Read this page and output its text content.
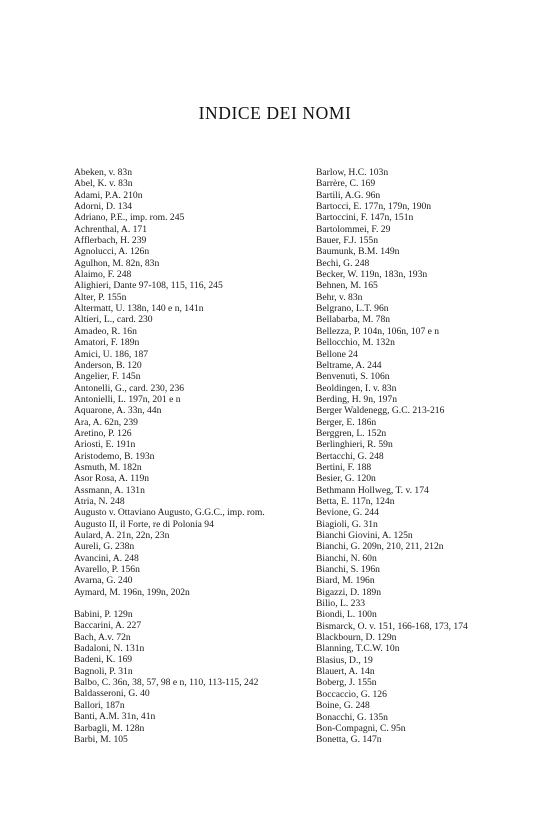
INDICE DEI NOMI
Abeken, v. 83n
Abel, K. v. 83n
Adami, P.A. 210n
Adorni, D. 134
Adriano, P.E., imp. rom. 245
Achrenthal, A. 171
Afflerbach, H. 239
Agnolucci, A. 126n
Agulhon, M. 82n, 83n
Alaimo, F. 248
Alighieri, Dante 97-108, 115, 116, 245
Alter, P. 155n
Altermatt, U. 138n, 140 e n, 141n
Altieri, L., card. 230
Amadeo, R. 16n
Amatori, F. 189n
Amici, U. 186, 187
Anderson, B. 120
Angelier, F. 145n
Antonelli, G., card. 230, 236
Antonielli, L. 197n, 201 e n
Aquarone, A. 33n, 44n
Ara, A. 62n, 239
Aretino, P. 126
Ariosti, E. 191n
Aristodemo, B. 193n
Asmuth, M. 182n
Asor Rosa, A. 119n
Assmann, A. 131n
Atria, N. 248
Augusto v. Ottaviano Augusto, G.G.C., imp. rom.
Augusto II, il Forte, re di Polonia 94
Aulard, A. 21n, 22n, 23n
Aureli, G. 238n
Avancini, A. 248
Avarello, P. 156n
Avarna, G. 240
Aymard, M. 196n, 199n, 202n
Babini, P. 129n
Baccarini, A. 227
Bach, A.v. 72n
Badaloni, N. 131n
Badeni, K. 169
Bagnoli, P. 31n
Balbo, C. 36n, 38, 57, 98 e n, 110, 113-115, 242
Baldasseroni, G. 40
Ballori, 187n
Banti, A.M. 31n, 41n
Barbagli, M. 128n
Barbi, M. 105
Barlow, H.C. 103n
Barrère, C. 169
Bartili, A.G. 96n
Bartocci, E. 177n, 179n, 190n
Bartoccini, F. 147n, 151n
Bartolommei, F. 29
Bauer, F.J. 155n
Baumunk, B.M. 149n
Bechi, G. 248
Becker, W. 119n, 183n, 193n
Behnen, M. 165
Behr, v. 83n
Belgrano, L.T. 96n
Bellabarba, M. 78n
Bellezza, P. 104n, 106n, 107 e n
Bellocchio, M. 132n
Bellone 24
Beltrame, A. 244
Benvenuti, S. 106n
Beoldingen, I. v. 83n
Berding, H. 9n, 197n
Berger Waldenegg, G.C. 213-216
Berger, E. 186n
Berggren, L. 152n
Berlinghieri, R. 59n
Bertacchi, G. 248
Bertini, F. 188
Besier, G. 120n
Bethmann Hollweg, T. v. 174
Betta, E. 117n, 124n
Bevione, G. 244
Biagioli, G. 31n
Bianchi Giovini, A. 125n
Bianchi, G. 209n, 210, 211, 212n
Bianchi, N. 60n
Bianchi, S. 196n
Biard, M. 196n
Bigazzi, D. 189n
Bilio, L. 233
Biondi, L. 100n
Bismarck, O. v. 151, 166-168, 173, 174
Blackbourn, D. 129n
Blanning, T.C.W. 10n
Blasius, D., 19
Blauert, A. 14n
Boberg, J. 155n
Boccaccio, G. 126
Boine, G. 248
Bonacchi, G. 135n
Bon-Compagni, C. 95n
Bonetta, G. 147n
